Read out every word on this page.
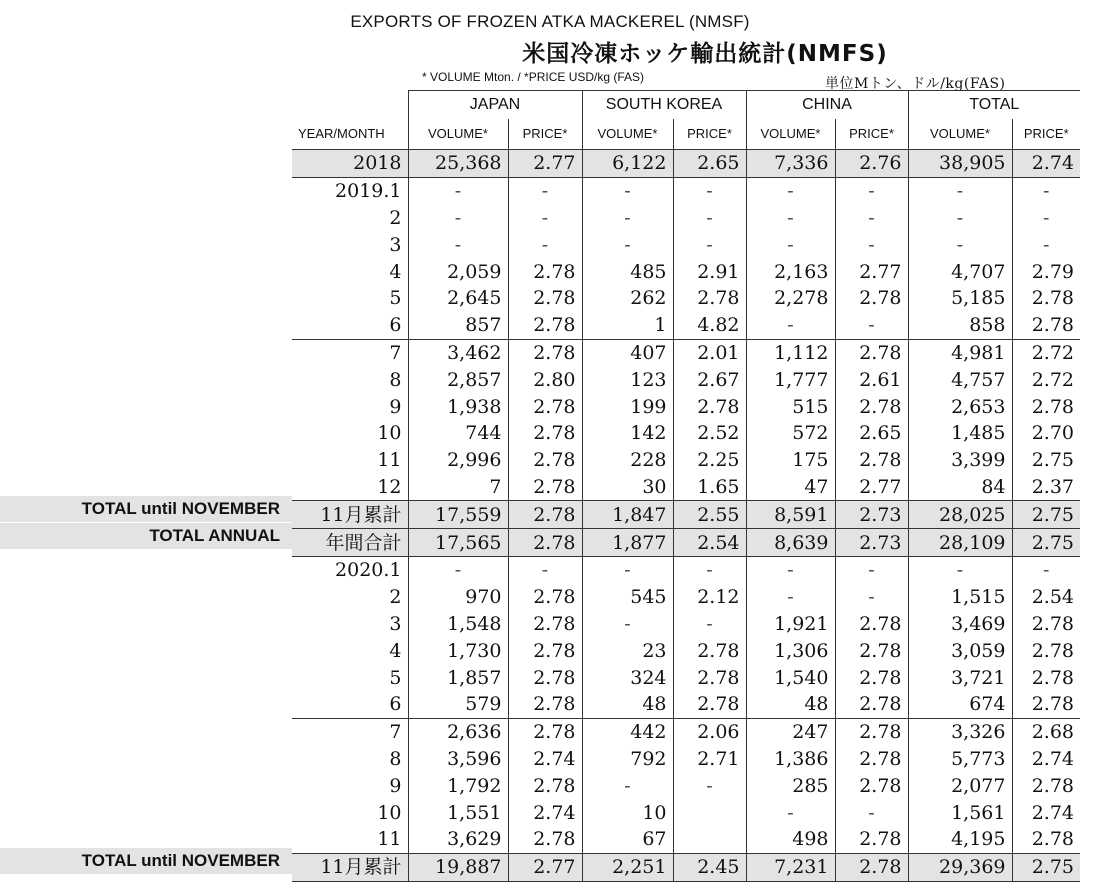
EXPORTS OF FROZEN ATKA MACKEREL (NMSF)
米国冷凍ホッケ輸出統計(NMFS)
* VOLUME Mton. / *PRICE USD/kg (FAS)	単位Mトン、ドル/kg(FAS)
TOTAL until NOVEMBER
TOTAL ANNUAL
TOTAL until NOVEMBER
	JAPAN		SOUTH KOREA		CHINA		TOTAL	
YEAR/MONTH	VOLUME*	PRICE*	VOLUME*	PRICE*	VOLUME*	PRICE*	VOLUME*	PRICE*
2018	25,368	2.77	6,122	2.65	7,336	2.76	38,905	2.74
2019.1	-	-	-	-	-	-	-	-
2	-	-	-	-	-	-	-	-
3	-	-	-	-	-	-	-	-
4	2,059	2.78	485	2.91	2,163	2.77	4,707	2.79
5	2,645	2.78	262	2.78	2,278	2.78	5,185	2.78
6	857	2.78	1	4.82	-	-	858	2.78
7	3,462	2.78	407	2.01	1,112	2.78	4,981	2.72
8	2,857	2.80	123	2.67	1,777	2.61	4,757	2.72
9	1,938	2.78	199	2.78	515	2.78	2,653	2.78
10	744	2.78	142	2.52	572	2.65	1,485	2.70
11	2,996	2.78	228	2.25	175	2.78	3,399	2.75
12	7	2.78	30	1.65	47	2.77	84	2.37
11月累計	17,559	2.78	1,847	2.55	8,591	2.73	28,025	2.75
年間合計	17,565	2.78	1,877	2.54	8,639	2.73	28,109	2.75
2020.1	-	-	-	-	-	-	-	-
2	970	2.78	545	2.12	-	-	1,515	2.54
3	1,548	2.78	-	-	1,921	2.78	3,469	2.78
4	1,730	2.78	23	2.78	1,306	2.78	3,059	2.78
5	1,857	2.78	324	2.78	1,540	2.78	3,721	2.78
6	579	2.78	48	2.78	48	2.78	674	2.78
7	2,636	2.78	442	2.06	247	2.78	3,326	2.68
8	3,596	2.74	792	2.71	1,386	2.78	5,773	2.74
9	1,792	2.78	-	-	285	2.78	2,077	2.78
10	1,551	2.74	10		-	-	1,561	2.74
11	3,629	2.78	67		498	2.78	4,195	2.78
11月累計	19,887	2.77	2,251	2.45	7,231	2.78	29,369	2.75
